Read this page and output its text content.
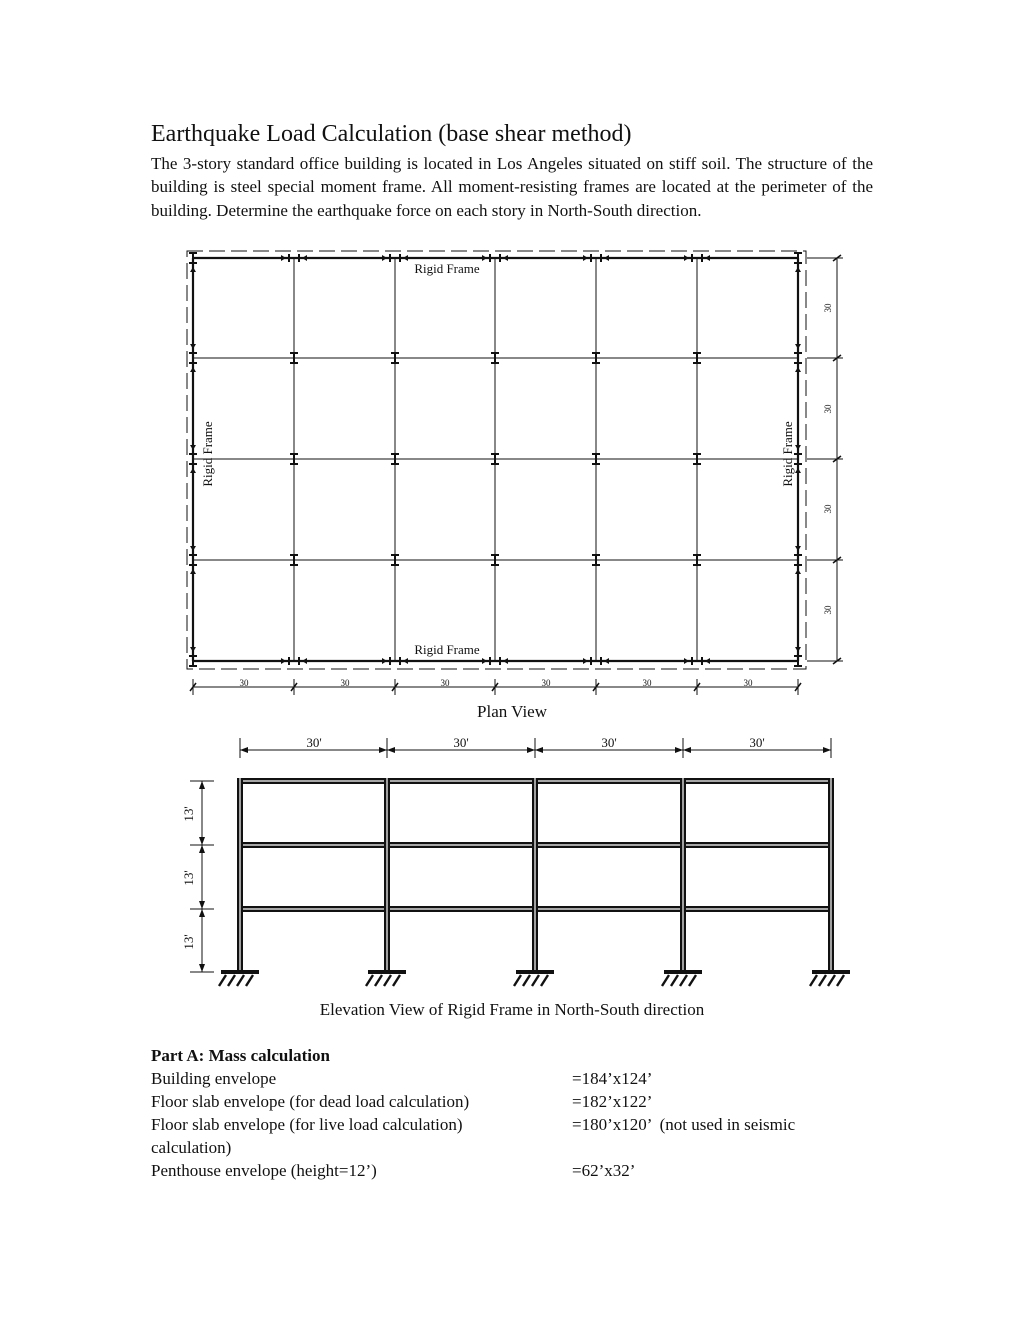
Earthquake Load Calculation (base shear method)
The 3-story standard office building is located in Los Angeles situated on stiff soil. The structure of the building is steel special moment frame. All moment-resisting frames are located at the perimeter of the building. Determine the earthquake force on each story in North-South direction.
Plan View
Elevation View of Rigid Frame in North-South direction
Rigid Frame
Rigid Frame
Rigid Frame	Rigid Frame
30	30	30	30	30	30
30
30
30
30
30'	30'	30'	30'
13'
13'
13'
Part A: Mass calculation
Building envelope	=184’x124’
Floor slab envelope (for dead load calculation)	=182’x122’
Floor slab envelope (for live load calculation)	=180’x120’  (not used in seismic
calculation)
Penthouse envelope (height=12’)	=62’x32’
